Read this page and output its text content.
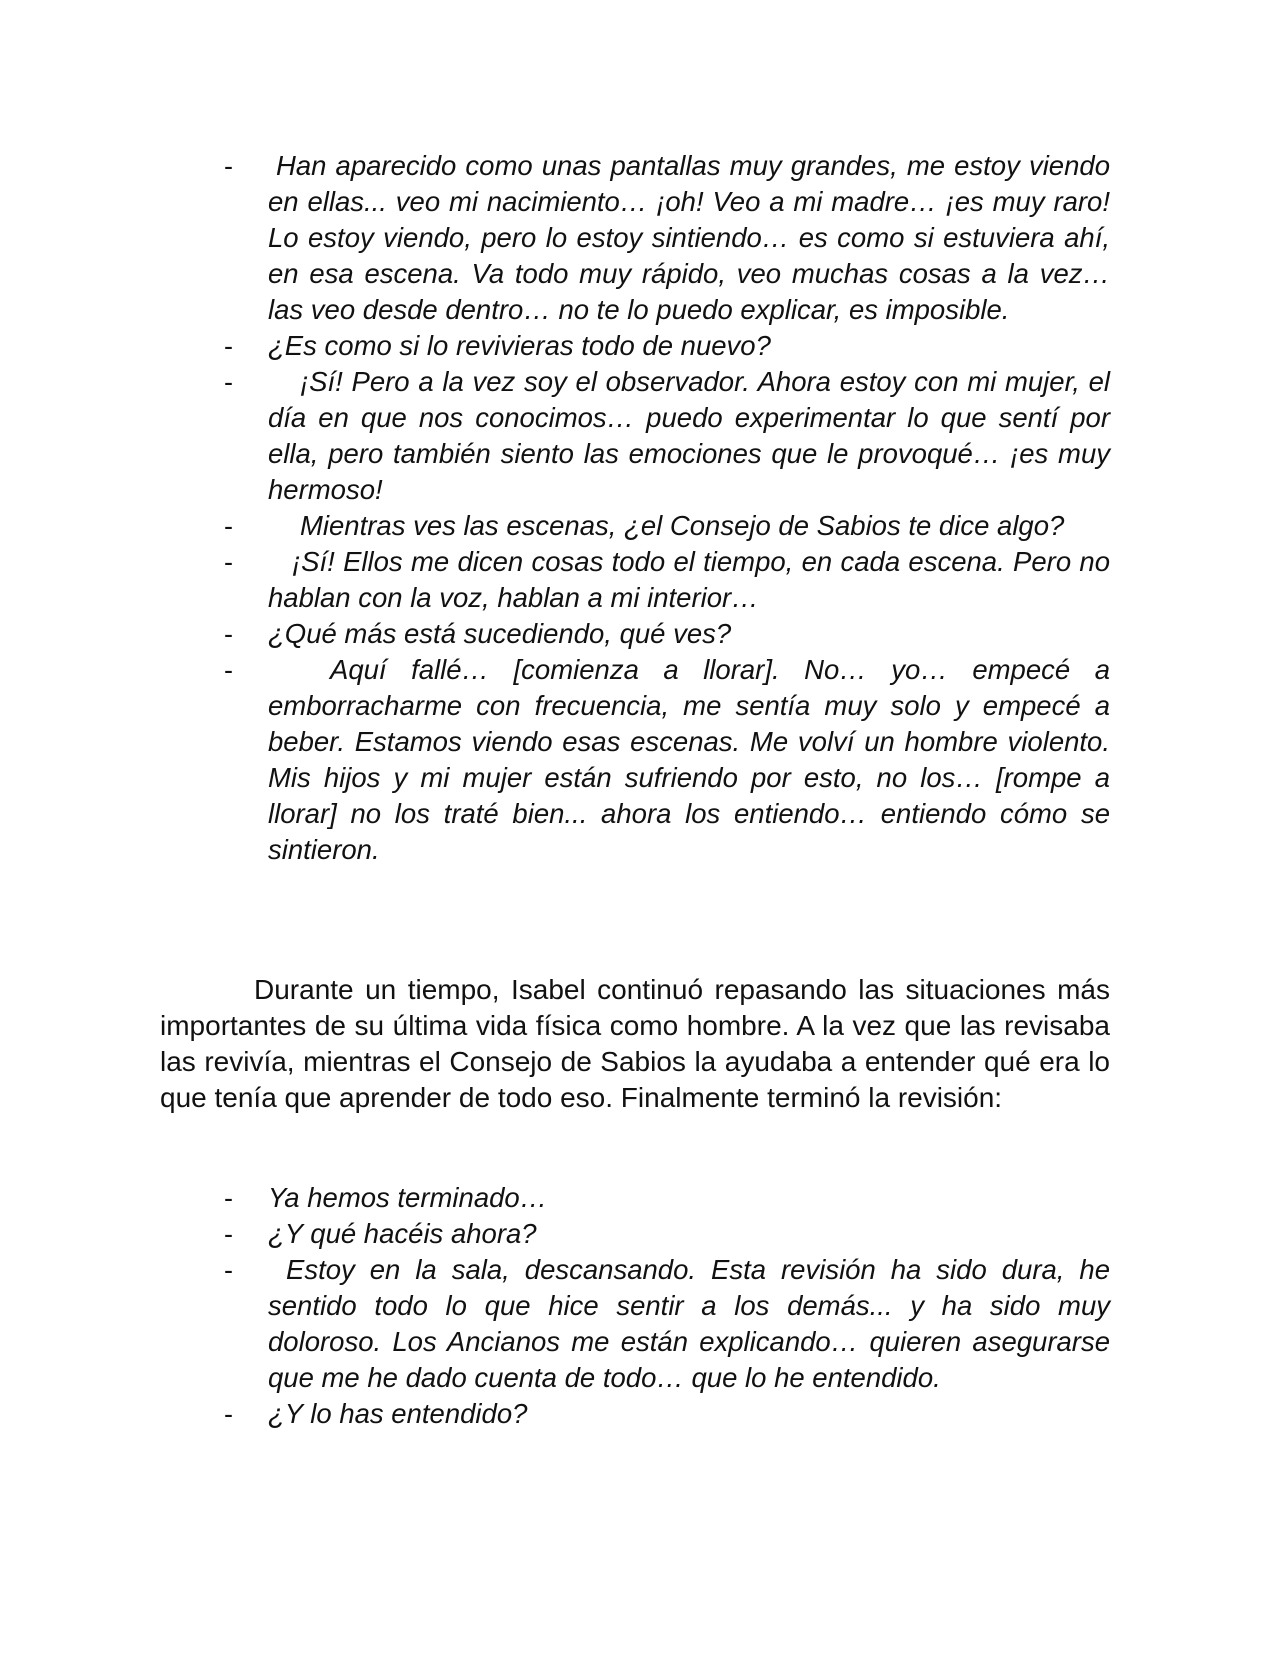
- Han aparecido como unas pantallas muy grandes, me estoy viendo en ellas... veo mi nacimiento… ¡oh! Veo a mi madre… ¡es muy raro! Lo estoy viendo, pero lo estoy sintiendo… es como si estuviera ahí, en esa escena. Va todo muy rápido, veo muchas cosas a la vez… las veo desde dentro… no te lo puedo explicar, es imposible.
- ¿Es como si lo revivieras todo de nuevo?
-	¡Sí! Pero a la vez soy el observador. Ahora estoy con mi mujer, el día en que nos conocimos… puedo experimentar lo que sentí por ella, pero también siento las emociones que le provoqué… ¡es muy hermoso!
-	Mientras ves las escenas, ¿el Consejo de Sabios te dice algo?
-	¡Sí! Ellos me dicen cosas todo el tiempo, en cada escena. Pero no hablan con la voz, hablan a mi interior…
- ¿Qué más está sucediendo, qué ves?
-	Aquí fallé… [comienza a llorar]. No… yo… empecé a emborracharme con frecuencia, me sentía muy solo y empecé a beber. Estamos viendo esas escenas. Me volví un hombre violento. Mis hijos y mi mujer están sufriendo por esto, no los… [rompe a llorar] no los traté bien... ahora los entiendo… entiendo cómo se sintieron.

Durante un tiempo, Isabel continuó repasando las situaciones más importantes de su última vida física como hombre. A la vez que las revisaba las revivía, mientras el Consejo de Sabios la ayudaba a entender qué era lo que tenía que aprender de todo eso. Finalmente terminó la revisión:

- Ya hemos terminado…
- ¿Y qué hacéis ahora?
-	Estoy en la sala, descansando. Esta revisión ha sido dura, he sentido todo lo que hice sentir a los demás... y ha sido muy doloroso. Los Ancianos me están explicando… quieren asegurarse que me he dado cuenta de todo… que lo he entendido.
- ¿Y lo has entendido?
